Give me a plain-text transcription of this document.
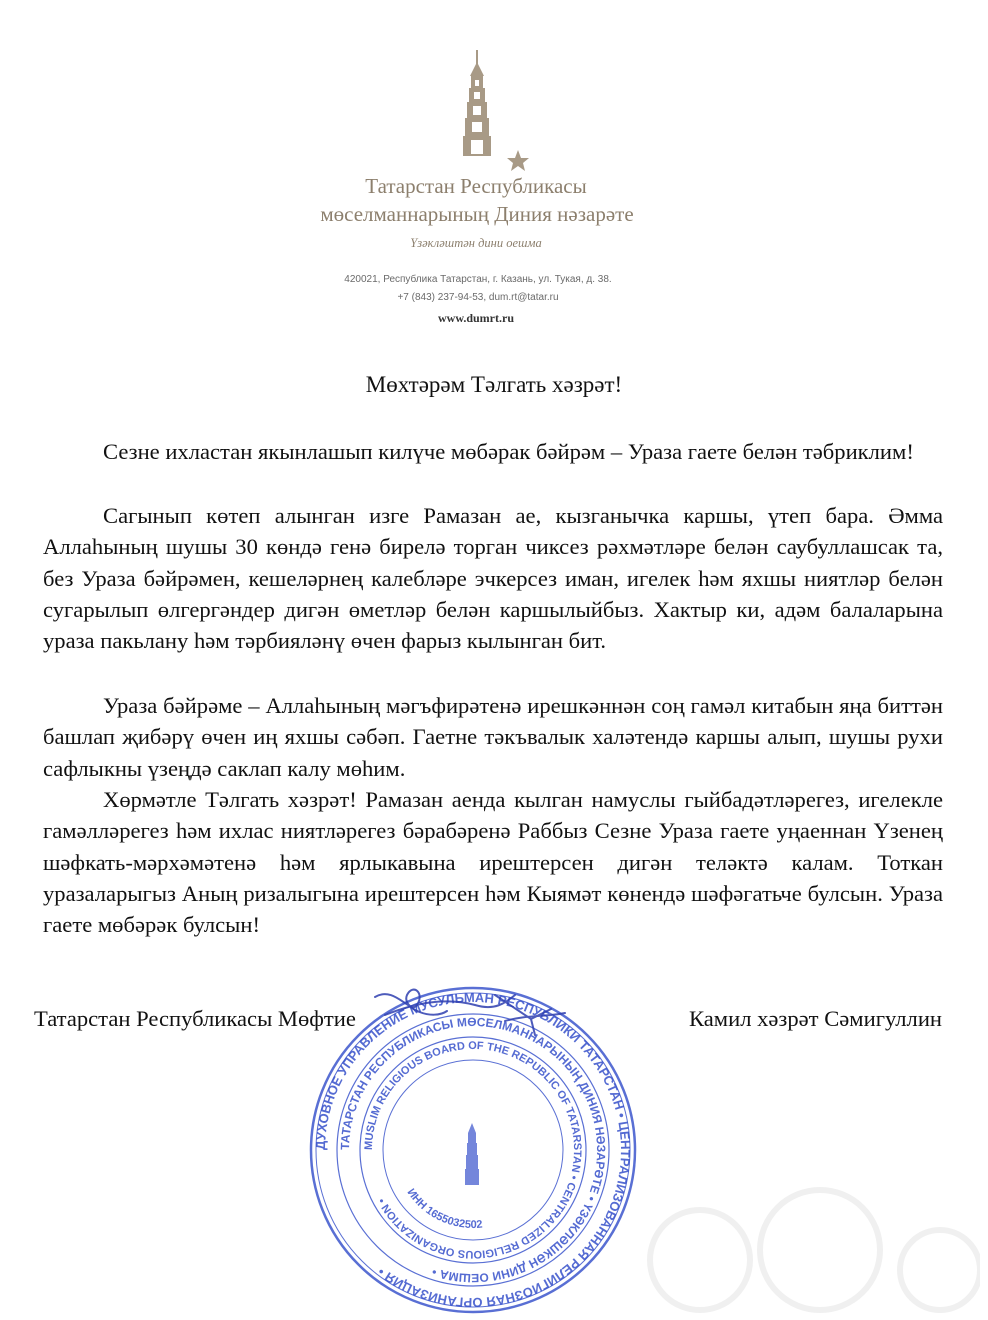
Татарстан Республикасы
мөселманнарының Диния нәзарәте
Үзәкләштән дини оешма
420021, Республика Татарстан, г. Казань, ул. Тукая, д. 38.
+7 (843) 237-94-53, dum.rt@tatar.ru
www.dumrt.ru
Мөхтәрәм Тәлгать хәзрәт!

Сезне ихластан якынлашып килүче мөбәрак бәйрәм – Ураза гаете белән тәбриклим!

Сагынып көтеп алынган изге Рамазан ае, кызганычка каршы, үтеп бара. Әмма Аллаһының шушы 30 көндә генә бирелә торган чиксез рәхмәтләре белән саубуллашсак та, без Ураза бәйрәмен, кешеләрнең калебләре эчкерсез иман, игелек һәм яхшы ниятләр белән сугарылып өлгергәндер дигән өметләр белән каршылыйбыз. Хактыр ки, адәм балаларына ураза пакьлану һәм тәрбияләнү өчен фарыз кылынган бит.

Ураза бәйрәме – Аллаһының мәгъфирәтенә ирешкәннән соң гамәл китабын яңа биттән башлап җибәрү өчен иң яхшы сәбәп. Гаетне тәкъвалык халәтендә каршы алып, шушы рухи сафлыкны үзеңдә саклап калу мөһим.

Хөрмәтле Тәлгать хәзрәт! Рамазан аенда кылган намуслы гыйбадәтләрегез, игелекле гамәлләрегез һәм ихлас ниятләрегез бәрабәренә Раббыз Сезне Ураза гаете уңаеннан Үзенең шәфкать-мәрхәмәтенә һәм ярлыкавына ирештерсен дигән теләктә калам. Тоткан уразаларыгыз Аның ризалыгына ирештерсен һәм Кыямәт көнендә шәфәгатьче булсын. Ураза гаете мөбәрәк булсын!

ДУХОВНОЕ УПРАВЛЕНИЕ МУСУЛЬМАН РЕСПУБЛИКИ ТАТАРСТАН • ЦЕНТРАЛИЗОВАННАЯ РЕЛИГИОЗНАЯ ОРГАНИЗАЦИЯ •
ТАТАРСТАН РЕСПУБЛИКАСЫ МӨСЕЛМАННАРЫНЫҢ ДИНИЯ НӘЗАРӘТЕ • ҮЗӘКЛӘШКӘН ДИНИ ОЕШМА •
MUSLIM RELIGIOUS BOARD OF THE REPUBLIC OF TATARSTAN • CENTRALIZED RELIGIOUS ORGANIZATION •
ИНН 1655032502
Татарстан Республикасы Мөфтие	Камил хәзрәт Сәмигуллин
